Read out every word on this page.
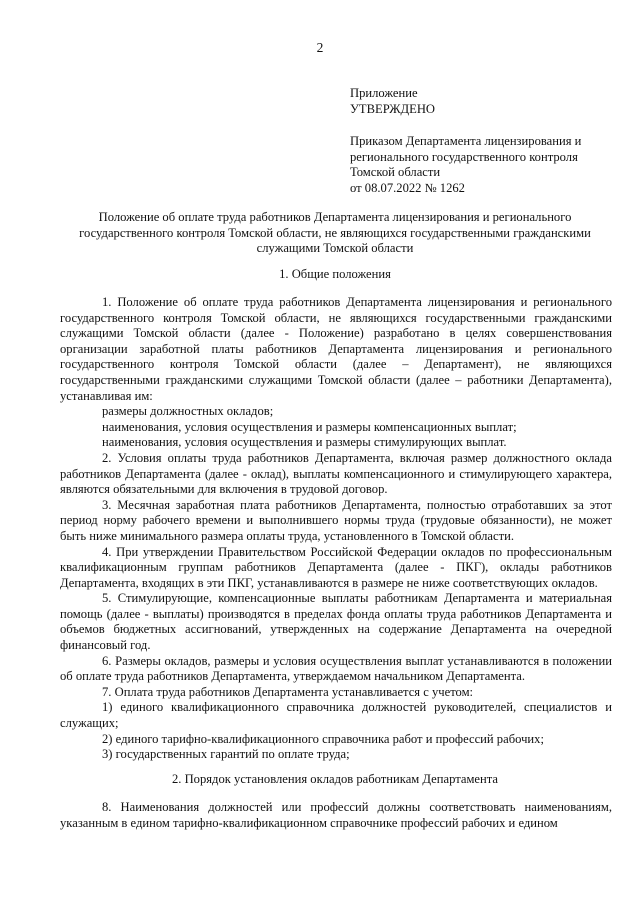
2
Приложение
УТВЕРЖДЕНО
Приказом Департамента лицензирования и
регионального государственного контроля
Томской области
от 08.07.2022 № 1262
Положение об оплате труда работников Департамента лицензирования и регионального
государственного контроля Томской области, не являющихся государственными гражданскими
служащими Томской области
1. Общие положения

1. Положение об оплате труда работников Департамента лицензирования и регионального государственного контроля Томской области, не являющихся государственными гражданскими служащими Томской области (далее - Положение) разработано в целях совершенствования организации заработной платы работников Департамента лицензирования и регионального государственного контроля Томской области (далее – Департамент), не являющихся государственными гражданскими служащими Томской области (далее – работники Департамента), устанавливая им:

размеры должностных окладов;

наименования, условия осуществления и размеры компенсационных выплат;

наименования, условия осуществления и размеры стимулирующих выплат.

2. Условия оплаты труда работников Департамента, включая размер должностного оклада работников Департамента (далее - оклад), выплаты компенсационного и стимулирующего характера, являются обязательными для включения в трудовой договор.

3. Месячная заработная плата работников Департамента, полностью отработавших за этот период норму рабочего времени и выполнившего нормы труда (трудовые обязанности), не может быть ниже минимального размера оплаты труда, установленного в Томской области.

4. При утверждении Правительством Российской Федерации окладов по профессиональным квалификационным группам работников Департамента (далее - ПКГ), оклады работников Департамента, входящих в эти ПКГ, устанавливаются в размере не ниже соответствующих окладов.

5. Стимулирующие, компенсационные выплаты работникам Департамента и материальная помощь (далее - выплаты) производятся в пределах фонда оплаты труда работников Департамента и объемов бюджетных ассигнований, утвержденных на содержание Департамента на очередной финансовый год.

6. Размеры окладов, размеры и условия осуществления выплат устанавливаются в положении об оплате труда работников Департамента, утверждаемом начальником Департамента.

7. Оплата труда работников Департамента устанавливается с учетом:

1) единого квалификационного справочника должностей руководителей, специалистов и служащих;

2) единого тарифно-квалификационного справочника работ и профессий рабочих;

3) государственных гарантий по оплате труда;

2. Порядок установления окладов работникам Департамента

8. Наименования должностей или профессий должны соответствовать наименованиям, указанным в едином тарифно-квалификационном справочнике профессий рабочих и едином
